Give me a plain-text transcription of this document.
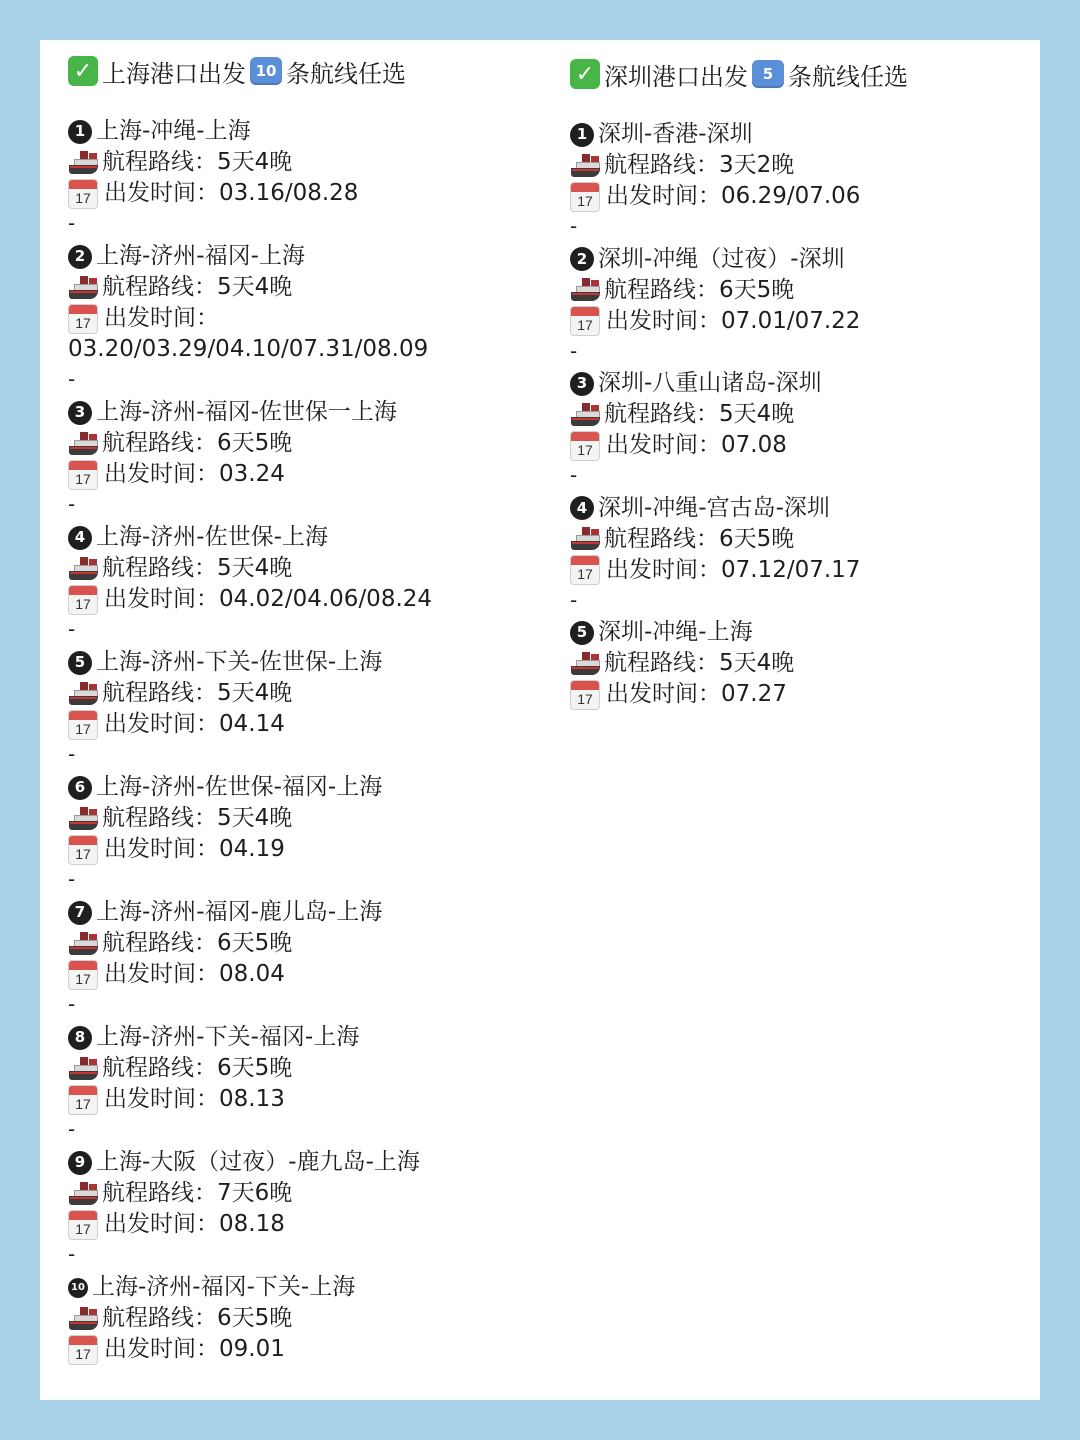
✓ 上海港口出发 10 条航线任选
1 上海-冲绳-上海
航程路线： 5天4晚
17 出发时间： 03.16/08.28
-
2 上海-济州-福冈-上海
航程路线： 5天4晚
17 出发时间：
03.20/03.29/04.10/07.31/08.09
-
3 上海-济州-福冈-佐世保一上海
航程路线： 6天5晚
17 出发时间： 03.24
-
4 上海-济州-佐世保-上海
航程路线： 5天4晚
17 出发时间： 04.02/04.06/08.24
-
5 上海-济州-下关-佐世保-上海
航程路线： 5天4晚
17 出发时间： 04.14
-
6 上海-济州-佐世保-福冈-上海
航程路线： 5天4晚
17 出发时间： 04.19
-
7 上海-济州-福冈-鹿儿岛-上海
航程路线： 6天5晚
17 出发时间： 08.04
-
8 上海-济州-下关-福冈-上海
航程路线： 6天5晚
17 出发时间： 08.13
-
9 上海-大阪（过夜）-鹿九岛-上海
航程路线： 7天6晚
17 出发时间： 08.18
-
10 上海-济州-福冈-下关-上海
航程路线： 6天5晚
17 出发时间： 09.01
✓ 深圳港口出发 5 条航线任选
1 深圳-香港-深圳
航程路线： 3天2晚
17 出发时间： 06.29/07.06
-
2 深圳-冲绳（过夜）-深圳
航程路线： 6天5晚
17 出发时间： 07.01/07.22
-
3 深圳-八重山诸岛-深圳
航程路线： 5天4晚
17 出发时间： 07.08
-
4 深圳-冲绳-宫古岛-深圳
航程路线： 6天5晚
17 出发时间： 07.12/07.17
-
5 深圳-冲绳-上海
航程路线： 5天4晚
17 出发时间： 07.27
